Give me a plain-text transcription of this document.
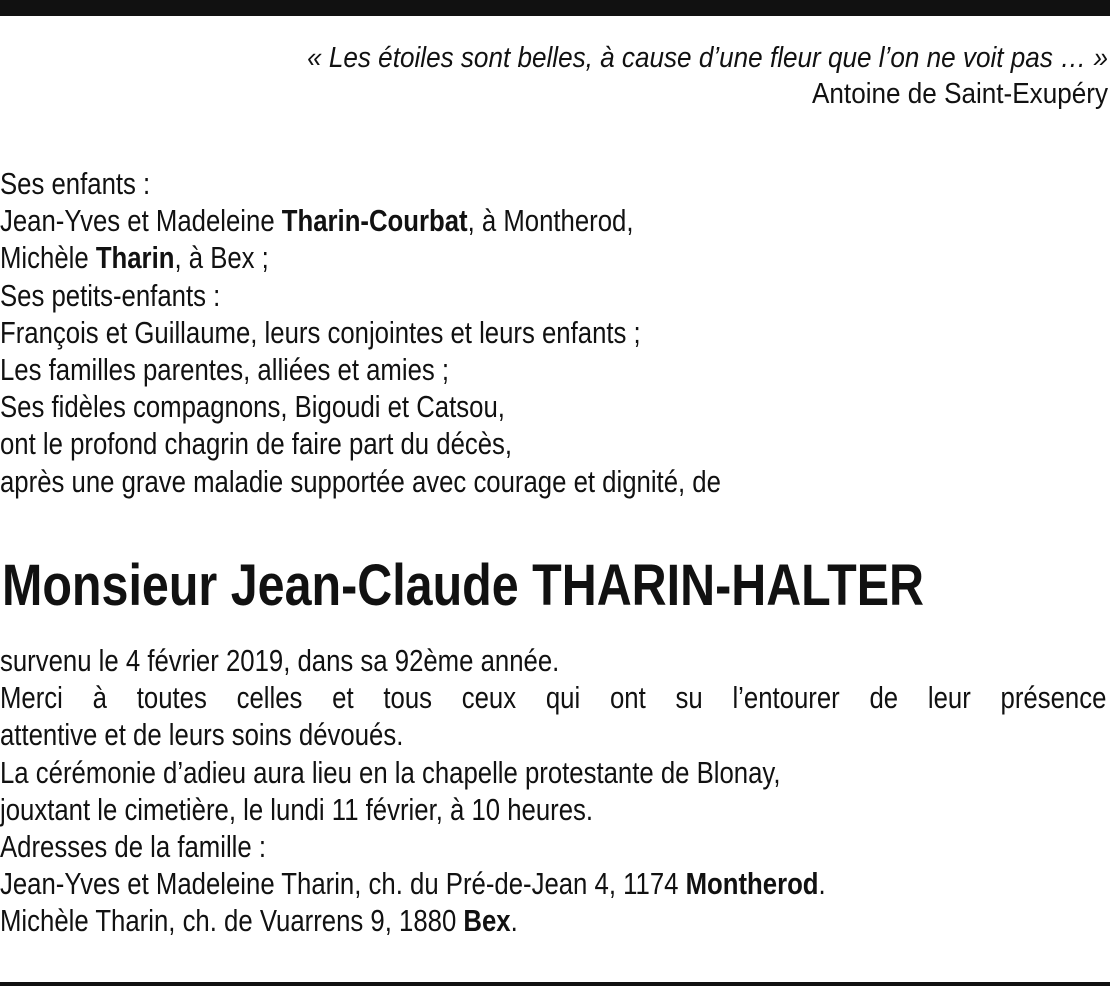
« Les étoiles sont belles, à cause d’une fleur que l’on ne voit pas … »
Antoine de Saint-Exupéry
Ses enfants :
Jean-Yves et Madeleine Tharin-Courbat, à Montherod,
Michèle Tharin, à Bex ;
Ses petits-enfants :
François et Guillaume, leurs conjointes et leurs enfants ;
Les familles parentes, alliées et amies ;
Ses fidèles compagnons, Bigoudi et Catsou,
ont le profond chagrin de faire part du décès,
après une grave maladie supportée avec courage et dignité, de
Monsieur Jean-Claude THARIN-HALTER
survenu le 4 février 2019, dans sa 92ème année.
Merci à toutes celles et tous ceux qui ont su l’entourer de leur présence
attentive et de leurs soins dévoués.
La cérémonie d’adieu aura lieu en la chapelle protestante de Blonay,
jouxtant le cimetière, le lundi 11 février, à 10 heures.
Adresses de la famille :
Jean-Yves et Madeleine Tharin, ch. du Pré-de-Jean 4, 1174 Montherod.
Michèle Tharin, ch. de Vuarrens 9, 1880 Bex.
